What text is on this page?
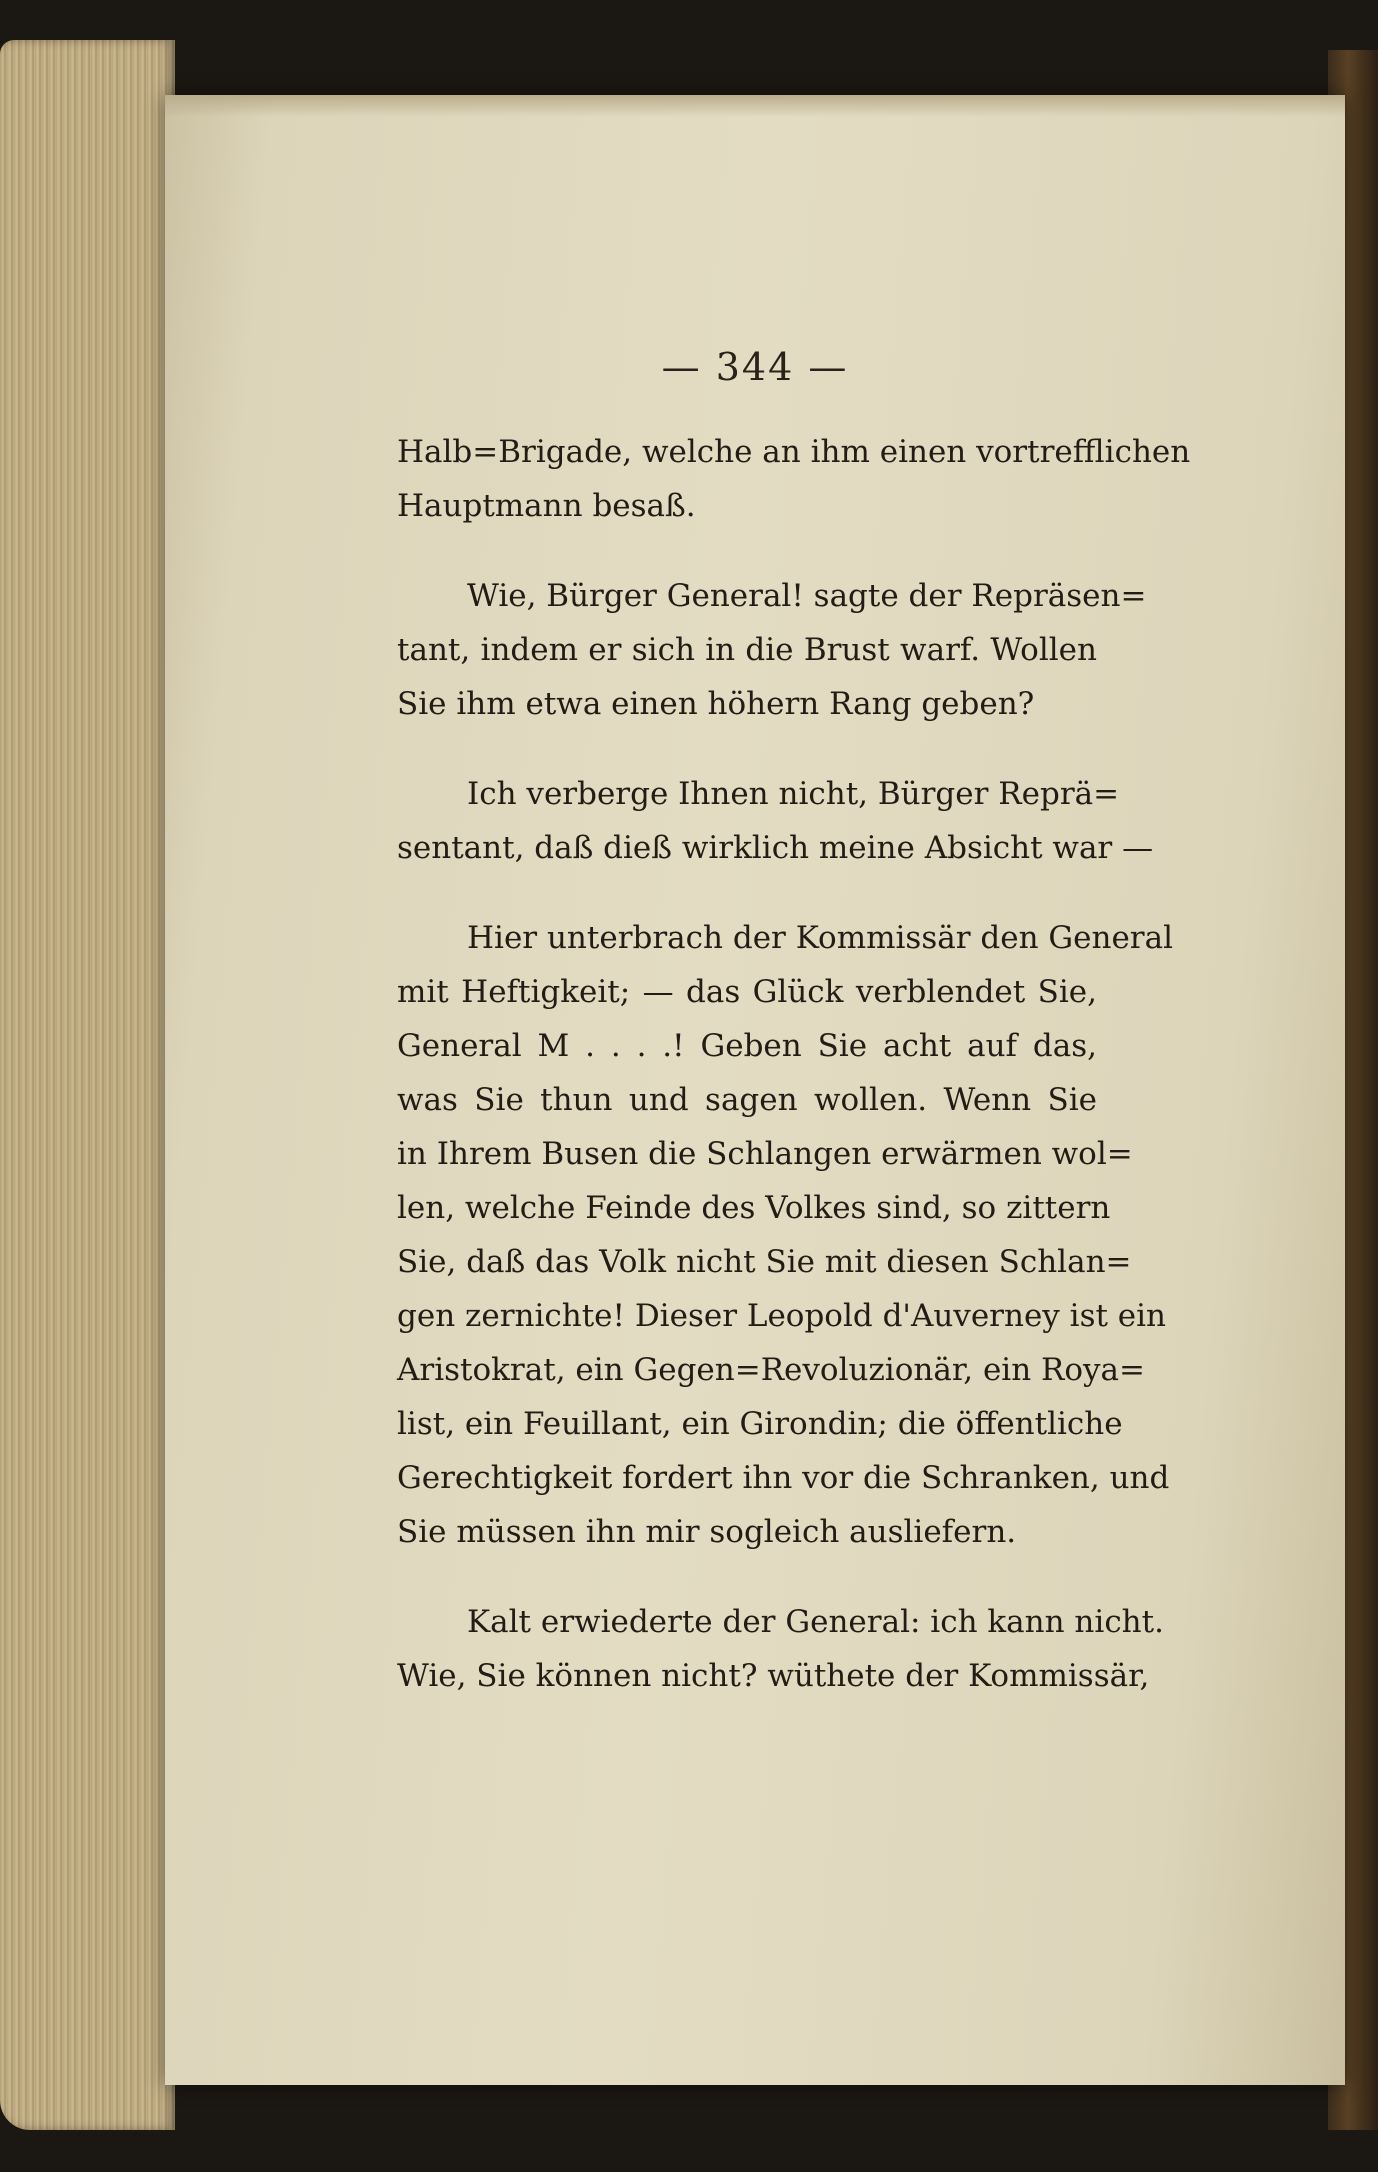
— 344 —

Halb=Brigade, welche an ihm einen vortrefflichen
Hauptmann besaß.

Wie, Bürger General! sagte der Repräsen=
tant, indem er sich in die Brust warf. Wollen
Sie ihm etwa einen höhern Rang geben?

Ich verberge Ihnen nicht, Bürger Reprä=
sentant, daß dieß wirklich meine Absicht war —

Hier unterbrach der Kommissär den General
mit Heftigkeit; — das Glück verblendet Sie,
General M . . . .! Geben Sie acht auf das,
was Sie thun und sagen wollen. Wenn Sie
in Ihrem Busen die Schlangen erwärmen wol=
len, welche Feinde des Volkes sind, so zittern
Sie, daß das Volk nicht Sie mit diesen Schlan=
gen zernichte! Dieser Leopold d'Auverney ist ein
Aristokrat, ein Gegen=Revoluzionär, ein Roya=
list, ein Feuillant, ein Girondin; die öffentliche
Gerechtigkeit fordert ihn vor die Schranken, und
Sie müssen ihn mir sogleich ausliefern.

Kalt erwiederte der General: ich kann nicht.
Wie, Sie können nicht? wüthete der Kommissär,
